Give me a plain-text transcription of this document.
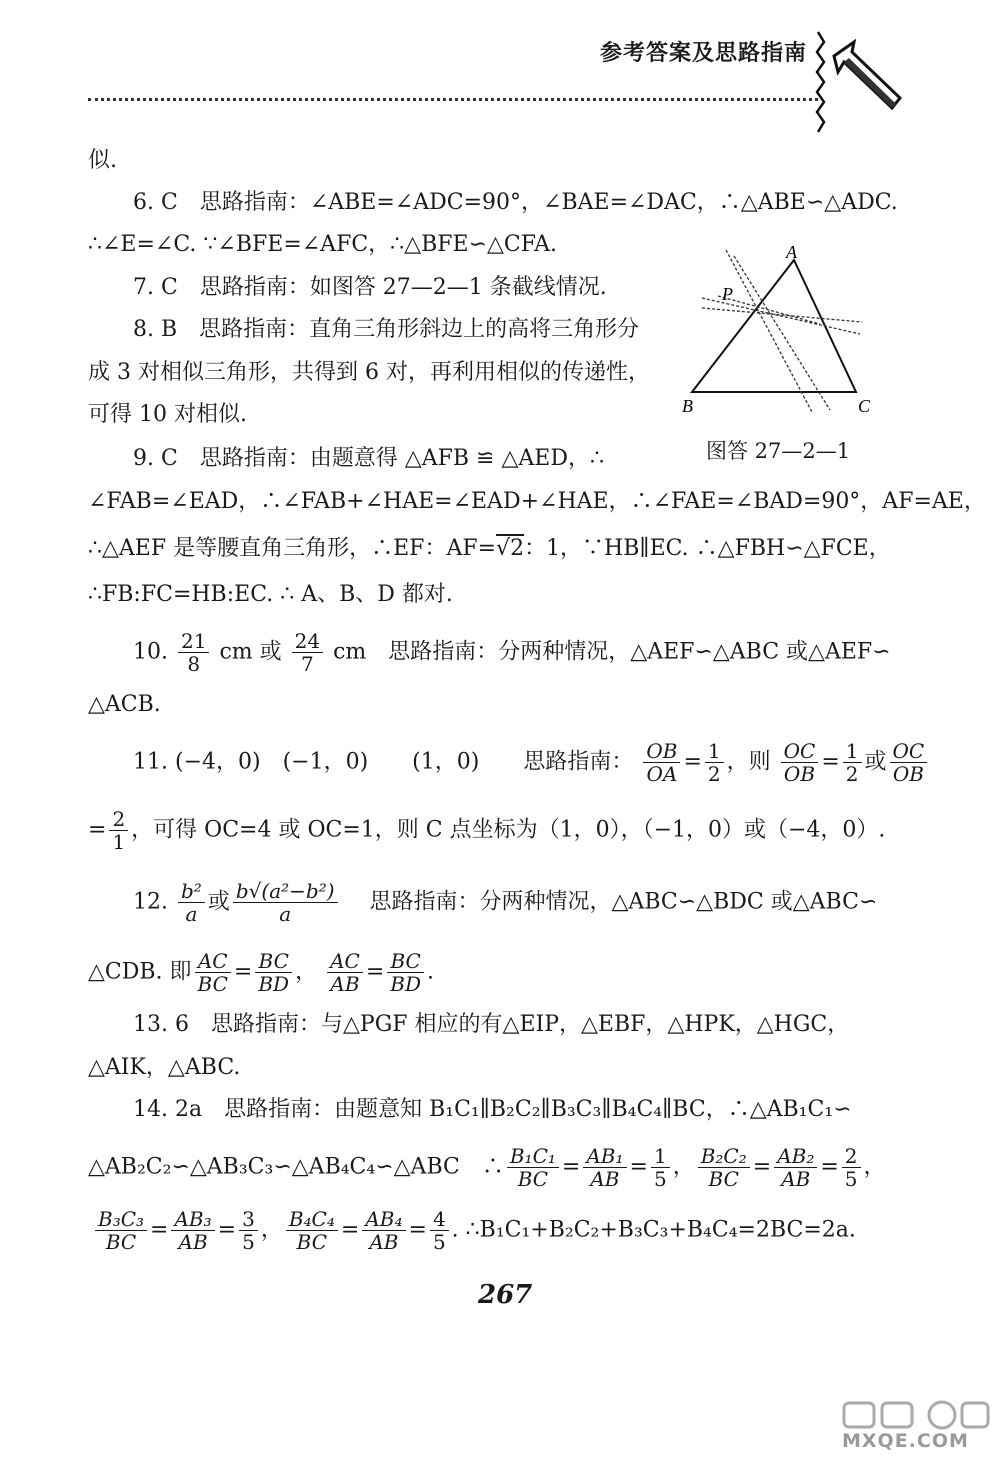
参考答案及思路指南
似.
6. C　思路指南：∠ABE=∠ADC=90°，∠BAE=∠DAC，∴△ABE∽△ADC.
∴∠E=∠C. ∵∠BFE=∠AFC，∴△BFE∽△CFA.
7. C　思路指南：如图答 27—2—1 条截线情况.
8. B　思路指南：直角三角形斜边上的高将三角形分
成 3 对相似三角形，共得到 6 对，再利用相似的传递性，
可得 10 对相似.
9. C　思路指南：由题意得 △AFB ≌ △AED，∴
∠FAB=∠EAD，∴∠FAB+∠HAE=∠EAD+∠HAE，∴∠FAE=∠BAD=90°，AF=AE，
∴△AEF 是等腰直角三角形，∴EF：AF=√2：1，∵HB∥EC. ∴△FBH∽△FCE，
∴FB:FC=HB:EC. ∴ A、B、D 都对.
10. $\frac{21}{8}$ cm 或 $\frac{24}{7}$ cm　思路指南：分两种情况，△AEF∽△ABC 或△AEF∽
△ACB.
11. (−4，0)　(−1，0)　　(1，0)　　思路指南： $\frac{OB}{OA} = \frac{1}{2}$ ，则 $\frac{OC}{OB} = \frac{1}{2}$ 或 $\frac{OC}{OB}$
= $\frac{2}{1}$ ，可得 OC=4 或 OC=1，则 C 点坐标为（1，0），（−1，0）或（−4，0）.
12. $\frac{\text{b²}}{a}$ 或 $\frac{\text{b√(a²−b²)}}{a}$ 　思路指南：分两种情况，△ABC∽△BDC 或△ABC∽
△CDB. 即 $\frac{AC}{BC} = \frac{BC}{BD}$ ， $\frac{AC}{AB} = \frac{BC}{BD}$ .
13. 6　思路指南：与△PGF 相应的有△EIP，△EBF，△HPK，△HGC，
△AIK，△ABC.
14. 2a　思路指南：由题意知 B₁C₁∥B₂C₂∥B₃C₃∥B₄C₄∥BC，∴△AB₁C₁∽
△AB₂C₂∽△AB₃C₃∽△AB₄C₄∽△ABC　∴ $\frac{\text{B₁C₁}}{BC} = \frac{\text{AB₁}}{AB} = \frac{1}{5}$ ， $\frac{\text{B₂C₂}}{BC} = \frac{\text{AB₂}}{AB} = \frac{2}{5}$ ，
$\frac{\text{B₃C₃}}{BC} = \frac{\text{AB₃}}{AB} = \frac{3}{5}$ ， $\frac{\text{B₄C₄}}{BC} = \frac{\text{AB₄}}{AB} = \frac{4}{5}$ . ∴B₁C₁+B₂C₂+B₃C₃+B₄C₄=2BC=2a.
A
B	C
P
图答 27—2—1
267
MXQE.COM
